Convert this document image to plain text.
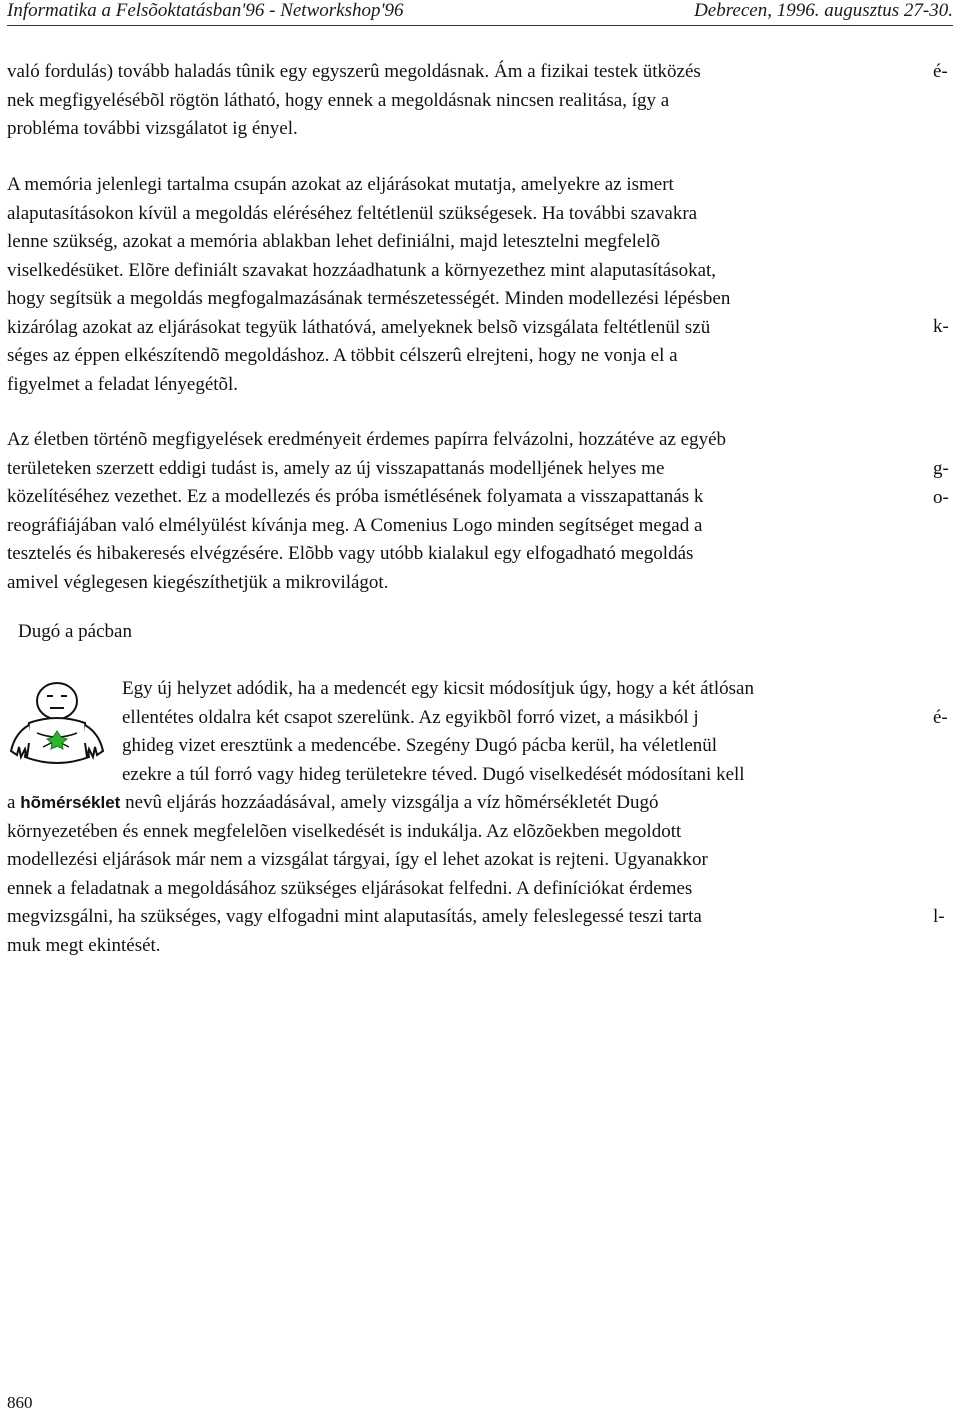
Informatika a Felsõoktatásban'96 - Networkshop'96	Debrecen, 1996. augusztus 27-30.

való fordulás) tovább haladás tûnik egy egyszerû megoldásnak. Ám a fizikai testek ütközés
nek megfigyelésébõl rögtön látható, hogy ennek a megoldásnak nincsen realitása, így a
probléma további vizsgálatot ig ényel.

é-

A memória jelenlegi tartalma csupán azokat az eljárásokat mutatja, amelyekre az ismert
alaputasításokon kívül a megoldás eléréséhez feltétlenül szükségesek. Ha további szavakra
lenne szükség, azokat a memória ablakban lehet definiálni, majd letesztelni megfelelõ
viselkedésüket. Elõre definiált szavakat hozzáadhatunk a környezethez mint alaputasításokat,
hogy segítsük a megoldás megfogalmazásának természetességét. Minden modellezési lépésben
kizárólag azokat az eljárásokat tegyük láthatóvá, amelyeknek belsõ vizsgálata feltétlenül szü
séges az éppen elkészítendõ megoldáshoz. A többit célszerû elrejteni, hogy ne vonja el a
figyelmet a feladat lényegétõl.

k-

Az életben történõ megfigyelések eredményeit érdemes papírra felvázolni, hozzátéve az egyéb
területeken szerzett eddigi tudást is, amely az új visszapattanás modelljének helyes me
közelítéséhez vezethet. Ez a modellezés és próba ismétlésének folyamata a visszapattanás k
reográfiájában való elmélyülést kívánja meg. A Comenius Logo minden segítséget megad a
tesztelés és hibakeresés elvégzésére. Elõbb vagy utóbb kialakul egy elfogadható megoldás
amivel véglegesen kiegészíthetjük a mikrovilágot.

g-
o-
Dugó a pácban

Egy új helyzet adódik, ha a medencét egy kicsit módosítjuk úgy, hogy a két átlósan
ellentétes oldalra két csapot szerelünk. Az egyikbõl forró vizet, a másikból j
ghideg vizet eresztünk a medencébe. Szegény Dugó pácba kerül, ha véletlenül
ezekre a túl forró vagy hideg területekre téved. Dugó viselkedését módosítani kell

é-

a hõmérséklet nevû eljárás hozzáadásával, amely vizsgálja a víz hõmérsékletét Dugó
környezetében és ennek megfelelõen viselkedését is indukálja. Az elõzõekben megoldott
modellezési eljárások már nem a vizsgálat tárgyai, így el lehet azokat is rejteni. Ugyanakkor
ennek a feladatnak a megoldásához szükséges eljárásokat felfedni. A definíciókat érdemes
megvizsgálni, ha szükséges, vagy elfogadni mint alaputasítás, amely feleslegessé teszi tarta
muk megt ekintését.

l-
860
